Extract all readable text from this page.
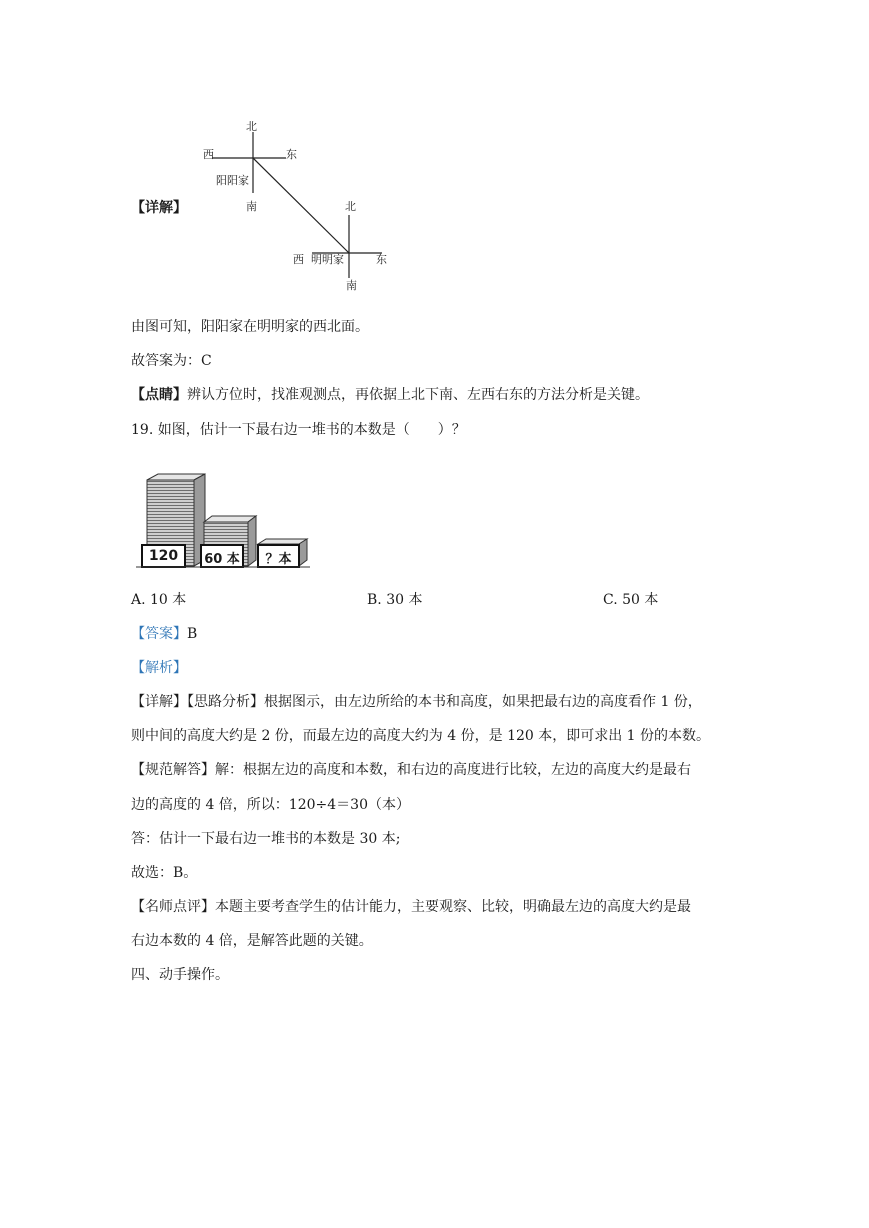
北
西	东
阳阳家
南	北
西 明明家	东
南
【详解】
由图可知，阳阳家在明明家的西北面。
故答案为：C
【点睛】辨认方位时，找准观测点，再依据上北下南、左西右东的方法分析是关键。
19. 如图，估计一下最右边一堆书的本数是（　　）？
120	60 本	？本
A. 10 本	B. 30 本	C. 50 本
【答案】B
【解析】
【详解】【思路分析】根据图示，由左边所给的本书和高度，如果把最右边的高度看作 1 份，
则中间的高度大约是 2 份，而最左边的高度大约为 4 份，是 120 本，即可求出 1 份的本数。
【规范解答】解：根据左边的高度和本数，和右边的高度进行比较，左边的高度大约是最右
边的高度的 4 倍，所以：120÷4＝30（本）
答：估计一下最右边一堆书的本数是 30 本;
故选：B。
【名师点评】本题主要考查学生的估计能力，主要观察、比较，明确最左边的高度大约是最
右边本数的 4 倍，是解答此题的关键。
四、动手操作。
